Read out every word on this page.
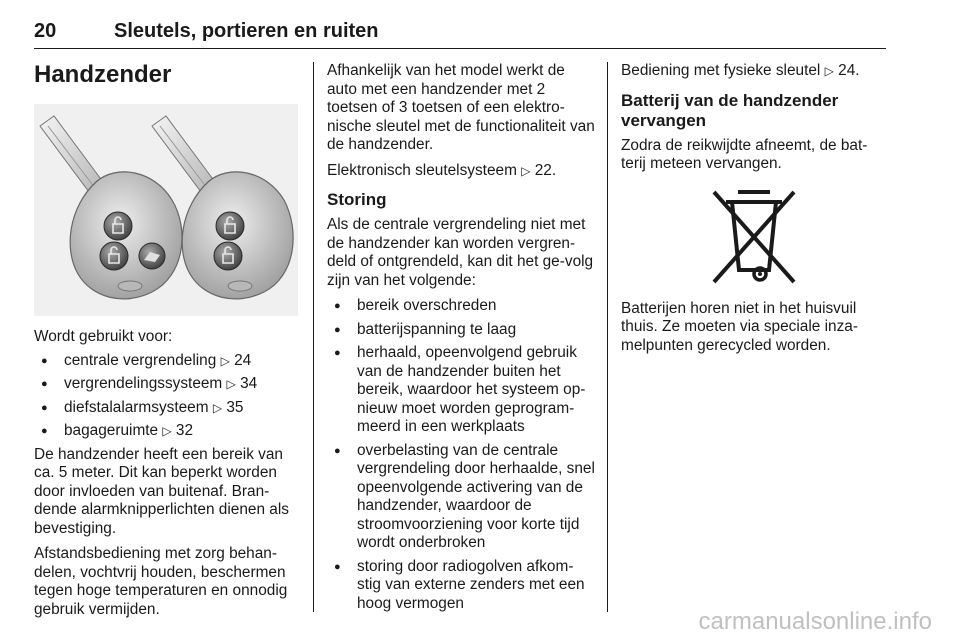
20	Sleutels, portieren en ruiten
Handzender

Wordt gebruikt voor:

● centrale vergrendeling ▷ 24
● vergrendelingssysteem ▷ 34
● diefstalalarmsysteem ▷ 35
● bagageruimte ▷ 32

De handzender heeft een bereik van ca. 5 meter. Dit kan beperkt worden door invloeden van buitenaf. Bran-dende alarmknipperlichten dienen als bevestiging.

Afstandsbediening met zorg behan-delen, vochtvrij houden, beschermen tegen hoge temperaturen en onnodig gebruik vermijden.

Afhankelijk van het model werkt de auto met een handzender met 2 toetsen of 3 toetsen of een elektro-nische sleutel met de functionaliteit van de handzender.

Elektronisch sleutelsysteem ▷ 22.

Storing

Als de centrale vergrendeling niet met de handzender kan worden vergren-deld of ontgrendeld, kan dit het ge-volg zijn van het volgende:

● bereik overschreden
● batterijspanning te laag
● herhaald, opeenvolgend gebruik van de handzender buiten het bereik, waardoor het systeem op-nieuw moet worden geprogram-meerd in een werkplaats
● overbelasting van de centrale vergrendeling door herhaalde, snel opeenvolgende activering van de handzender, waardoor de stroomvoorziening voor korte tijd wordt onderbroken
● storing door radiogolven afkom-stig van externe zenders met een hoog vermogen

Bediening met fysieke sleutel ▷ 24.

Batterij van de handzender vervangen

Zodra de reikwijdte afneemt, de bat-terij meteen vervangen.

Batterijen horen niet in het huisvuil thuis. Ze moeten via speciale inza-melpunten gerecycled worden.

carmanualsonline.info
